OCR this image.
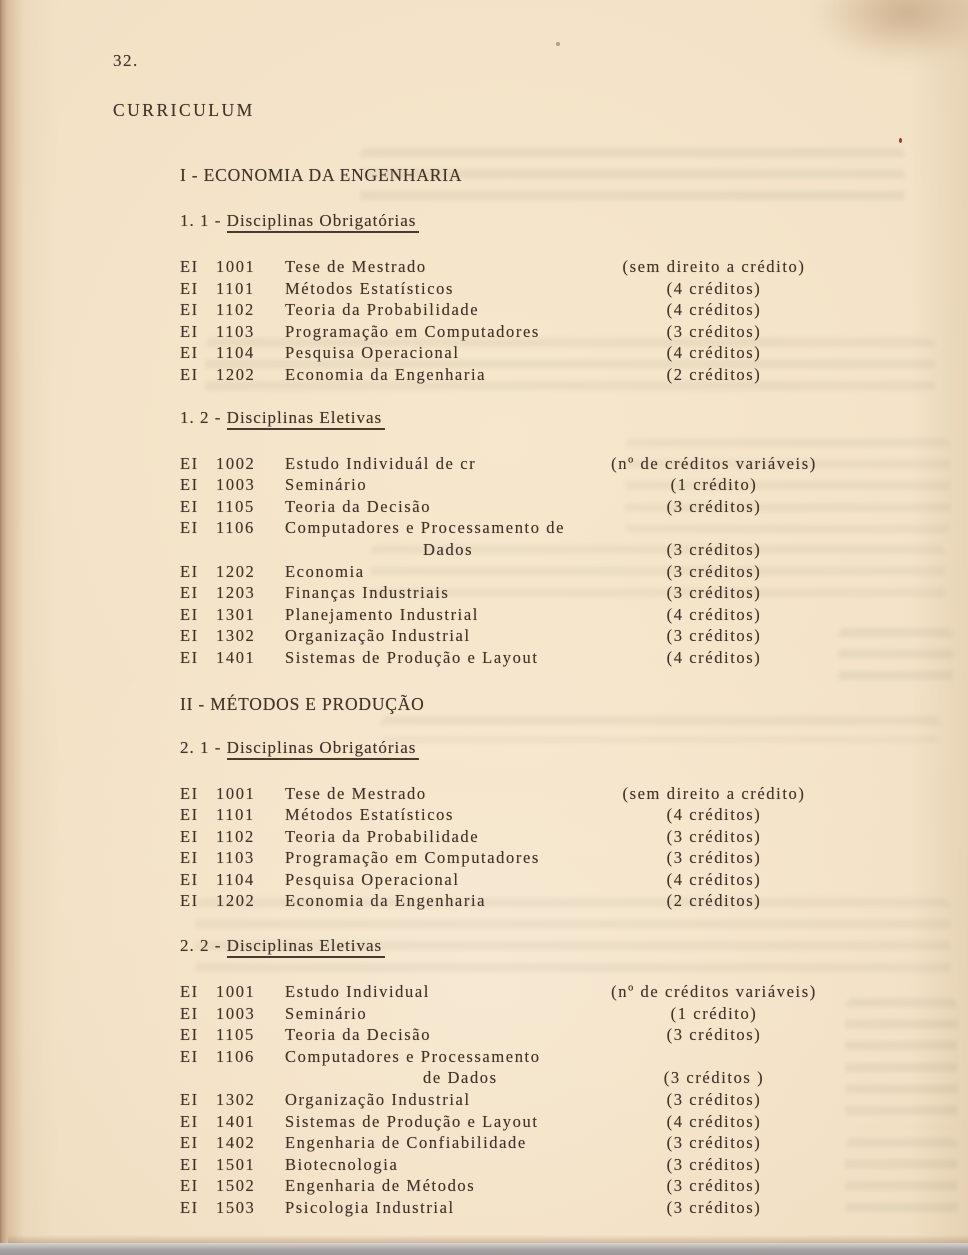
32.
CURRICULUM
I - ECONOMIA DA ENGENHARIA
1. 1 - Disciplinas Obrigatórias
EI	1001	Tese de Mestrado	(sem direito a crédito)
EI	1101	Métodos Estatísticos	(4 créditos)
EI	1102	Teoria da Probabilidade	(4 créditos)
EI	1103	Programação em Computadores	(3 créditos)
EI	1104	Pesquisa Operacional	(4 créditos)
EI	1202	Economia da Engenharia	(2 créditos)
1. 2 - Disciplinas Eletivas
EI	1002	Estudo Individuál de cr	(nº de créditos variáveis)
EI	1003	Seminário	(1 crédito)
EI	1105	Teoria da Decisão	(3 créditos)
EI	1106	Computadores e Processamento de
Dados	(3 créditos)
EI	1202	Economia	(3 créditos)
EI	1203	Finanças Industriais	(3 créditos)
EI	1301	Planejamento Industrial	(4 créditos)
EI	1302	Organização Industrial	(3 créditos)
EI	1401	Sistemas de Produção e Layout	(4 créditos)
II - MÉTODOS E PRODUÇÃO
2. 1 - Disciplinas Obrigatórias
EI	1001	Tese de Mestrado	(sem direito a crédito)
EI	1101	Métodos Estatísticos	(4 créditos)
EI	1102	Teoria da Probabilidade	(3 créditos)
EI	1103	Programação em Computadores	(3 créditos)
EI	1104	Pesquisa Operacional	(4 créditos)
EI	1202	Economia da Engenharia	(2 créditos)
2. 2 - Disciplinas Eletivas
EI	1001	Estudo Individual	(nº de créditos variáveis)
EI	1003	Seminário	(1 crédito)
EI	1105	Teoria da Decisão	(3 créditos)
EI	1106	Computadores e Processamento
de Dados	(3 créditos )
EI	1302	Organização Industrial	(3 créditos)
EI	1401	Sistemas de Produção e Layout	(4 créditos)
EI	1402	Engenharia de Confiabilidade	(3 créditos)
EI	1501	Biotecnologia	(3 créditos)
EI	1502	Engenharia de Métodos	(3 créditos)
EI	1503	Psicologia Industrial	(3 créditos)
